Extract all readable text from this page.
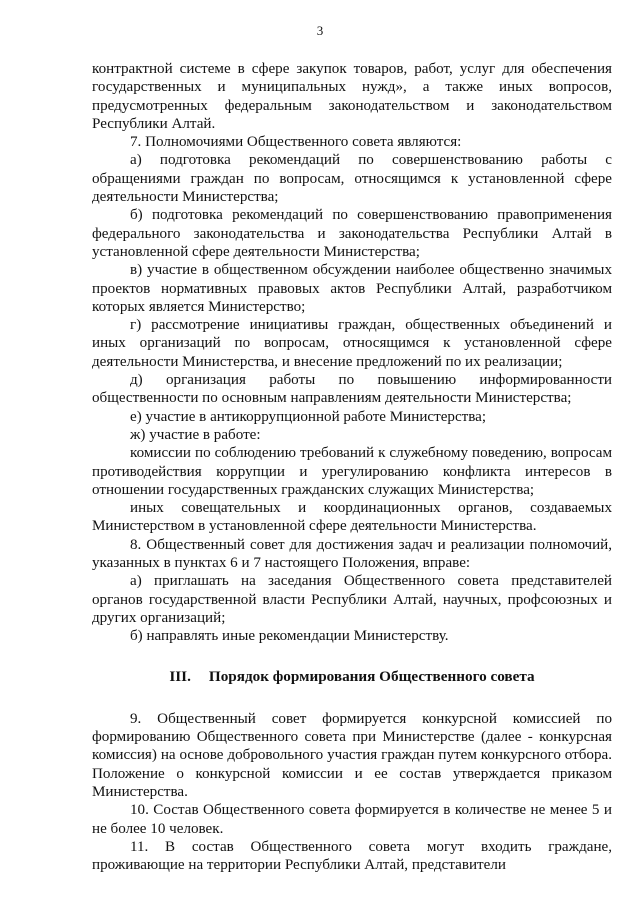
3

контрактной системе в сфере закупок товаров, работ, услуг для обеспечения государственных и муниципальных нужд», а также иных вопросов, предусмотренных федеральным законодательством и законодательством Республики Алтай.

7. Полномочиями Общественного совета являются:

а) подготовка рекомендаций по совершенствованию работы с обращениями граждан по вопросам, относящимся к установленной сфере деятельности Министерства;

б) подготовка рекомендаций по совершенствованию правоприменения федерального законодательства и законодательства Республики Алтай в установленной сфере деятельности Министерства;

в) участие в общественном обсуждении наиболее общественно значимых проектов нормативных правовых актов Республики Алтай, разработчиком которых является Министерство;

г) рассмотрение инициативы граждан, общественных объединений и иных организаций по вопросам, относящимся к установленной сфере деятельности Министерства, и внесение предложений по их реализации;

д) организация работы по повышению информированности общественности по основным направлениям деятельности Министерства;

е) участие в антикоррупционной работе Министерства;

ж) участие в работе:

комиссии по соблюдению требований к служебному поведению, вопросам противодействия коррупции и урегулированию конфликта интересов в отношении государственных гражданских служащих Министерства;

иных совещательных и координационных органов, создаваемых Министерством в установленной сфере деятельности Министерства.

8. Общественный совет для достижения задач и реализации полномочий, указанных в пунктах 6 и 7 настоящего Положения, вправе:

а) приглашать на заседания Общественного совета представителей органов государственной власти Республики Алтай, научных, профсоюзных и других организаций;

б) направлять иные рекомендации Министерству.

III. Порядок формирования Общественного совета

9. Общественный совет формируется конкурсной комиссией по формированию Общественного совета при Министерстве (далее - конкурсная комиссия) на основе добровольного участия граждан путем конкурсного отбора. Положение о конкурсной комиссии и ее состав утверждается приказом Министерства.

10. Состав Общественного совета формируется в количестве не менее 5 и не более 10 человек.

11. В состав Общественного совета могут входить граждане, проживающие на территории Республики Алтай, представители
